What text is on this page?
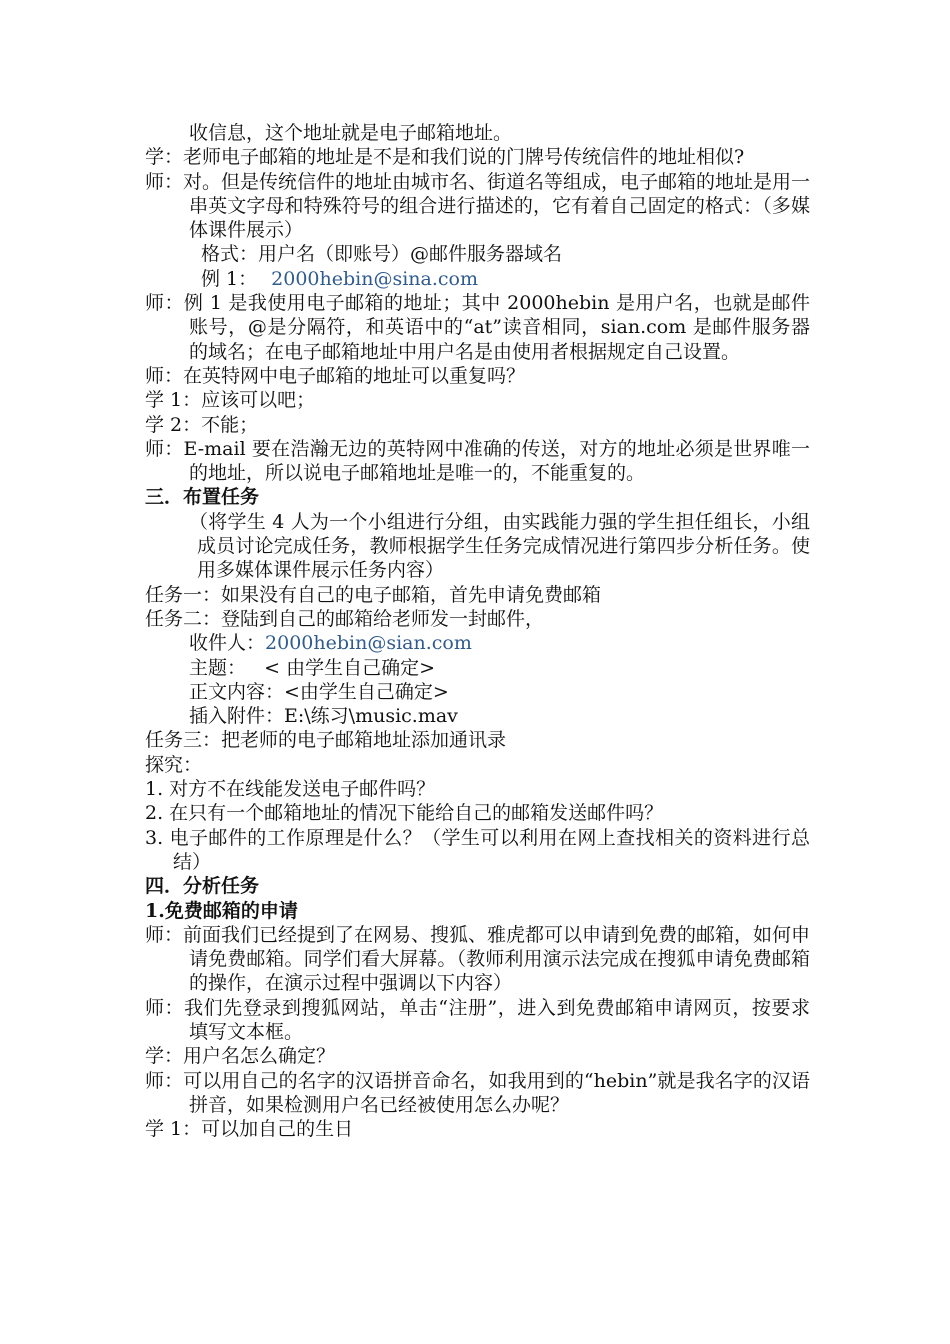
收信息，这个地址就是电子邮箱地址。

学：老师电子邮箱的地址是不是和我们说的门牌号传统信件的地址相似?

师：对。但是传统信件的地址由城市名、街道名等组成，电子邮箱的地址是用一串英文字母和特殊符号的组合进行描述的，它有着自己固定的格式：（多媒体课件展示）

格式：用户名（即账号）@邮件服务器域名

例 1： 2000hebin@sina.com

师：例 1 是我使用电子邮箱的地址；其中 2000hebin 是用户名，也就是邮件账号，@是分隔符，和英语中的“at”读音相同，sian.com 是邮件服务器的域名；在电子邮箱地址中用户名是由使用者根据规定自己设置。

师：在英特网中电子邮箱的地址可以重复吗？

学 1：应该可以吧；

学 2：不能；

师：E-mail 要在浩瀚无边的英特网中准确的传送，对方的地址必须是世界唯一的地址，所以说电子邮箱地址是唯一的，不能重复的。

三．布置任务

（将学生 4 人为一个小组进行分组，由实践能力强的学生担任组长，小组成员讨论完成任务，教师根据学生任务完成情况进行第四步分析任务。使用多媒体课件展示任务内容）

任务一：如果没有自己的电子邮箱，首先申请免费邮箱

任务二：登陆到自己的邮箱给老师发一封邮件，

收件人：2000hebin@sian.com

主题：   < 由学生自己确定>

正文内容：<由学生自己确定>

插入附件：E:\练习\music.mav

任务三：把老师的电子邮箱地址添加通讯录

探究：

1. 对方不在线能发送电子邮件吗？

2. 在只有一个邮箱地址的情况下能给自己的邮箱发送邮件吗？

3. 电子邮件的工作原理是什么？（学生可以利用在网上查找相关的资料进行总结）

四．分析任务

1.免费邮箱的申请

师：前面我们已经提到了在网易、搜狐、雅虎都可以申请到免费的邮箱，如何申请免费邮箱。同学们看大屏幕。（教师利用演示法完成在搜狐申请免费邮箱的操作，在演示过程中强调以下内容）

师：我们先登录到搜狐网站，单击“注册”，进入到免费邮箱申请网页，按要求填写文本框。

学：用户名怎么确定？

师：可以用自己的名字的汉语拼音命名，如我用到的“hebin”就是我名字的汉语拼音，如果检测用户名已经被使用怎么办呢？

学 1：可以加自己的生日
